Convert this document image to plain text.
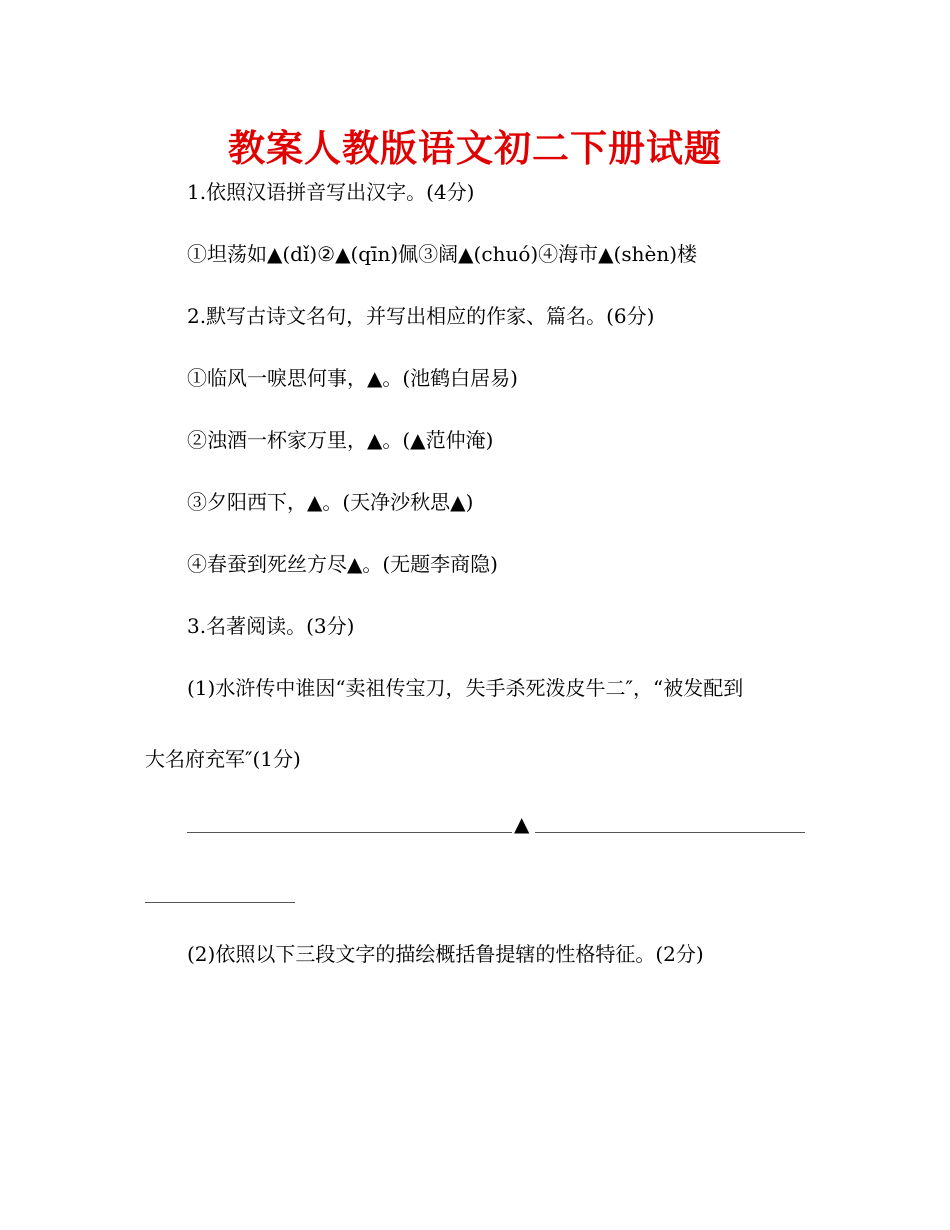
教案人教版语文初二下册试题
1.依照汉语拼音写出汉字。(4分)
①坦荡如▲(dǐ)②▲(qīn)佩③阔▲(chuó)④海市▲(shèn)楼
2.默写古诗文名句，并写出相应的作家、篇名。(6分)
①临风一唳思何事，▲。(池鹤白居易)
②浊酒一杯家万里，▲。(▲范仲淹)
③夕阳西下，▲。(天净沙秋思▲)
④春蚕到死丝方尽▲。(无题李商隐)
3.名著阅读。(3分)
(1)水浒传中谁因“卖祖传宝刀，失手杀死泼皮牛二″，“被发配到
大名府充军″(1分)
▲
(2)依照以下三段文字的描绘概括鲁提辖的性格特征。(2分)
